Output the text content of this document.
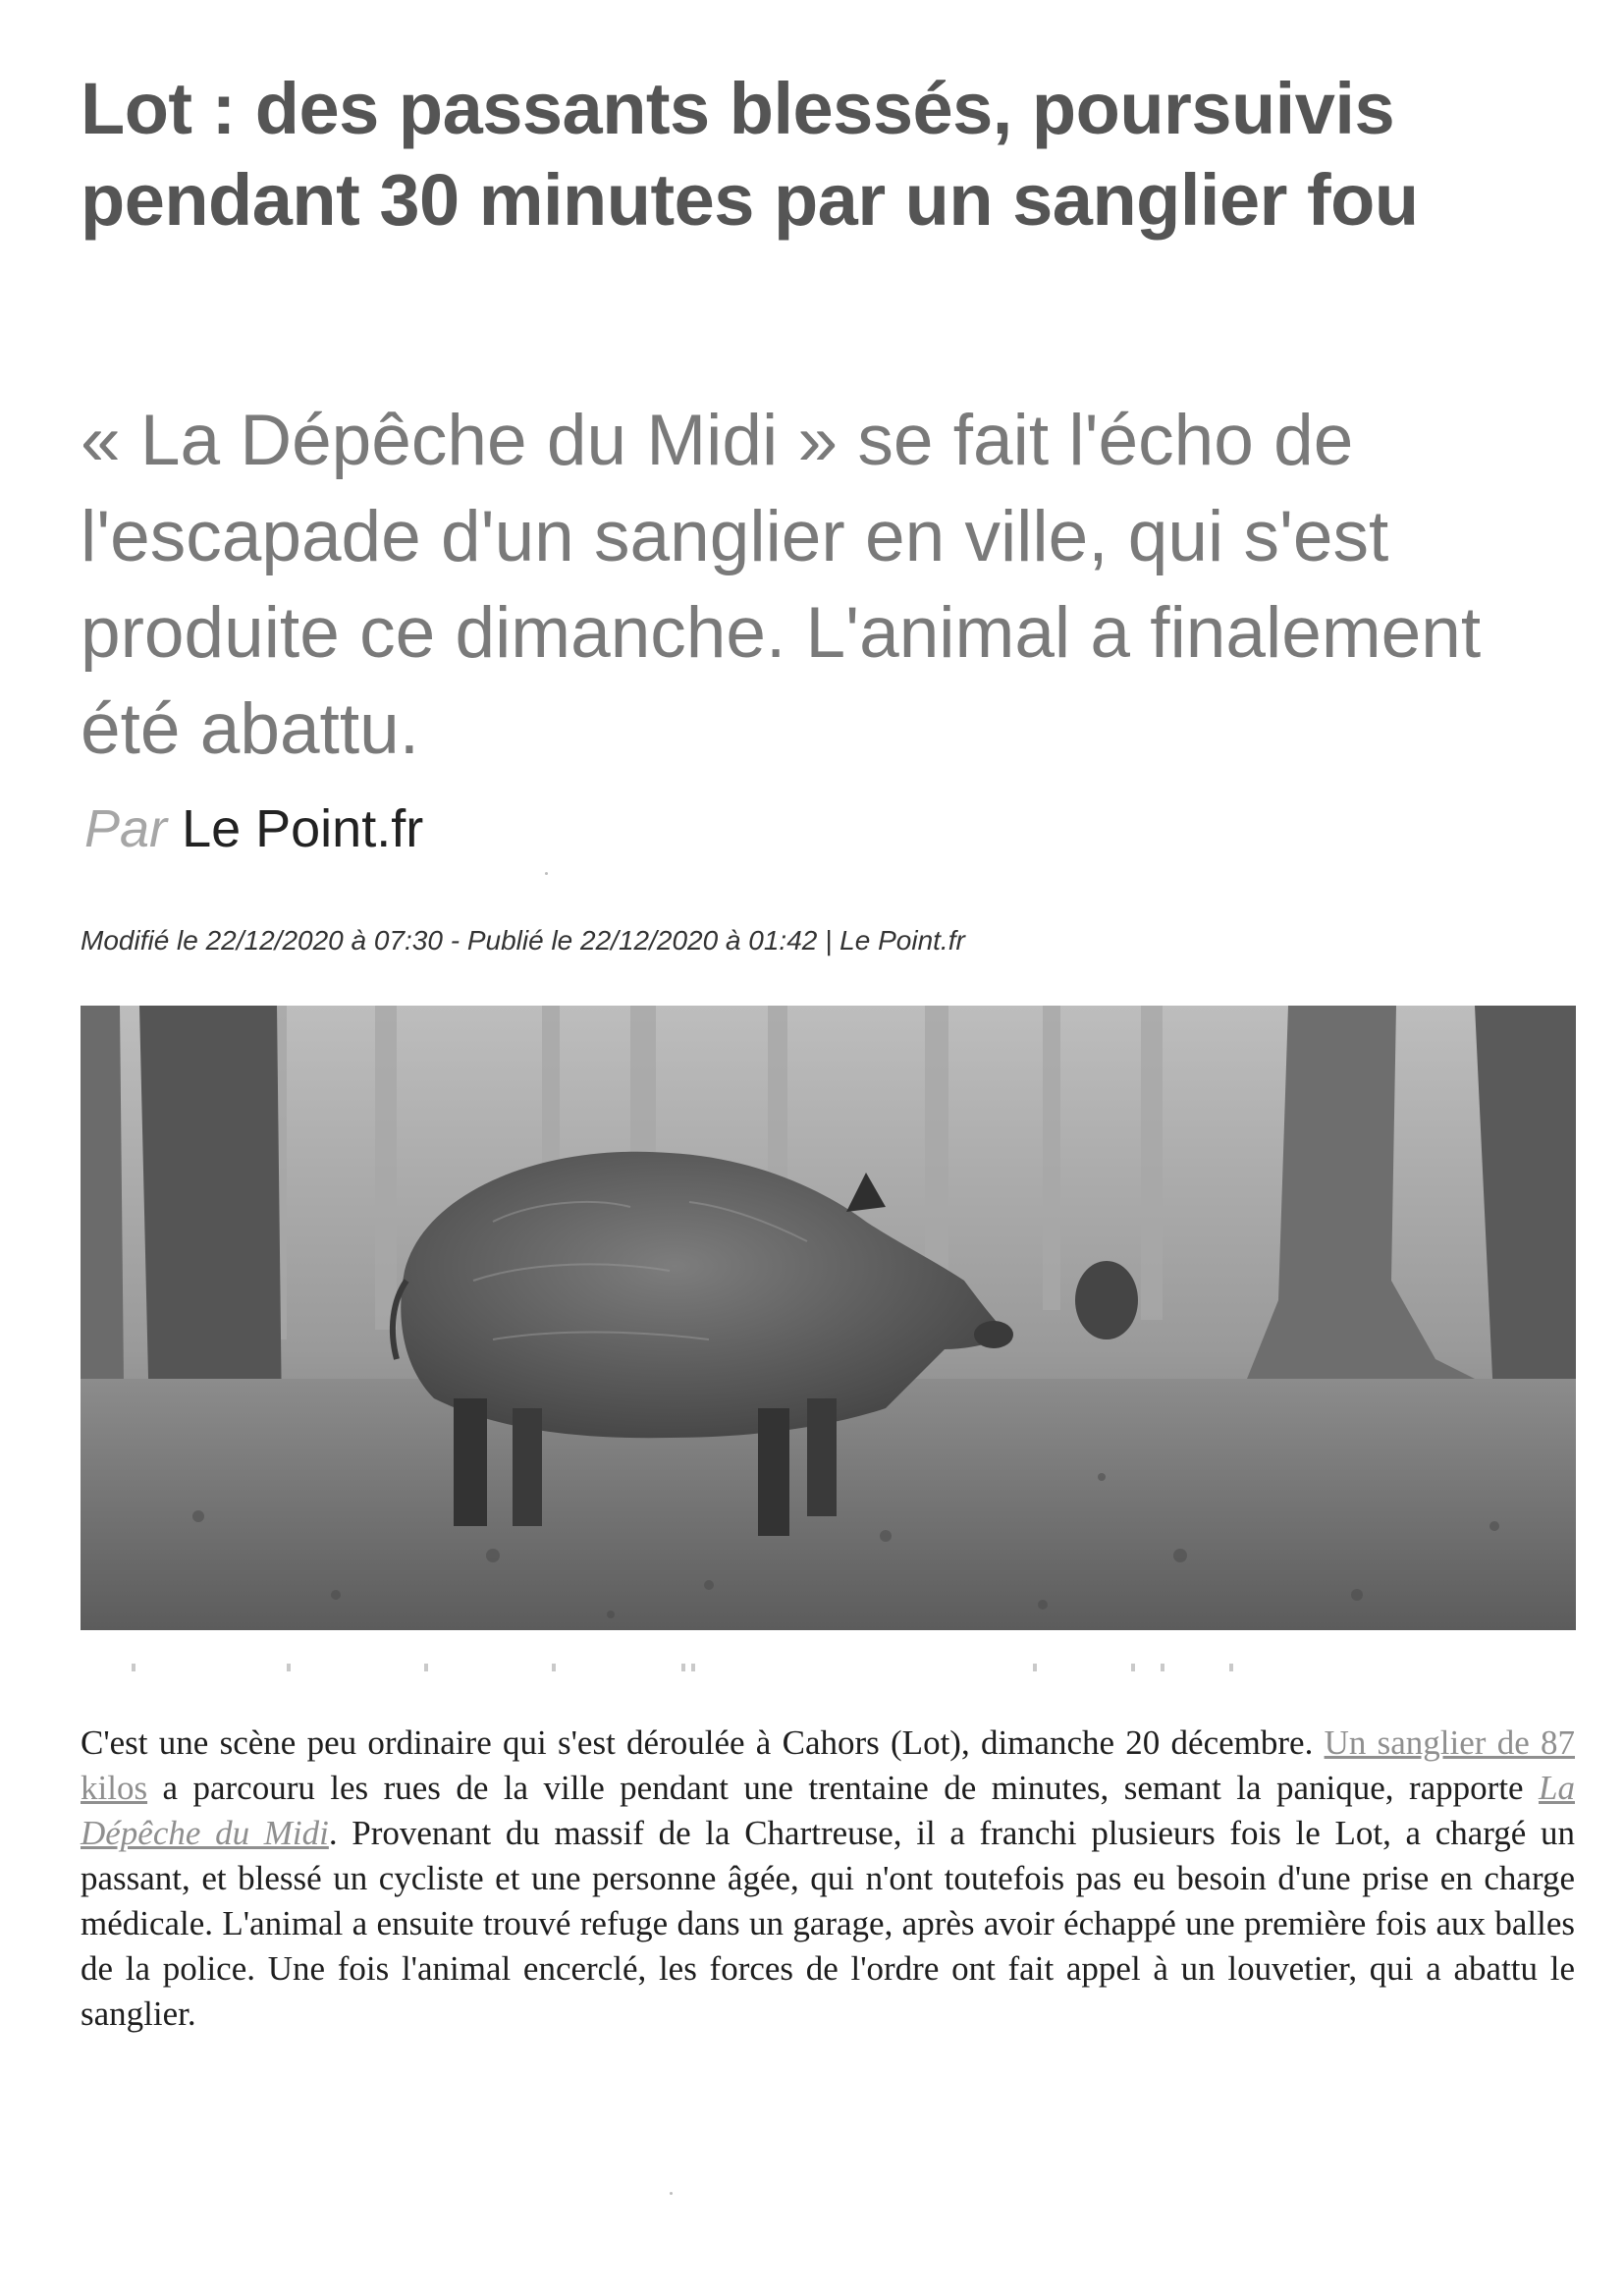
Lot : des passants blessés, poursuivis pendant 30 minutes par un sanglier fou

« La Dépêche du Midi » se fait l'écho de l'escapade d'un sanglier en ville, qui s'est produite ce dimanche. L'animal a finalement été abattu.

Par Le Point.fr
Modifié le 22/12/2020 à 07:30 - Publié le 22/12/2020 à 01:42 | Le Point.fr

C'est une scène peu ordinaire qui s'est déroulée à Cahors (Lot), dimanche 20 décembre. Un sanglier de 87 kilos a parcouru les rues de la ville pendant une trentaine de minutes, semant la panique, rapporte La Dépêche du Midi. Provenant du massif de la Chartreuse, il a franchi plusieurs fois le Lot, a chargé un passant, et blessé un cycliste et une personne âgée, qui n'ont toutefois pas eu besoin d'une prise en charge médicale. L'animal a ensuite trouvé refuge dans un garage, après avoir échappé une première fois aux balles de la police. Une fois l'animal encerclé, les forces de l'ordre ont fait appel à un louvetier, qui a abattu le sanglier.
